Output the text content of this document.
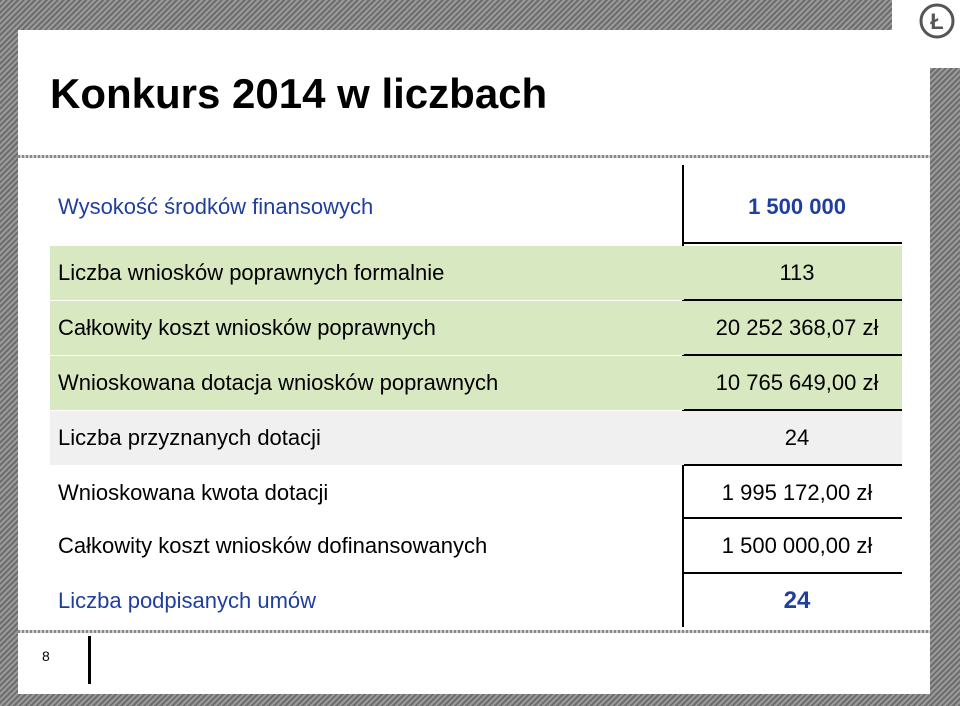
Ł
Konkurs 2014 w liczbach
Wysokość środków finansowych	1 500 000
Liczba wniosków poprawnych formalnie	113
Całkowity koszt wniosków poprawnych	20 252 368,07 zł
Wnioskowana dotacja wniosków poprawnych	10 765 649,00 zł
Liczba przyznanych dotacji	24
Wnioskowana kwota dotacji	1 995 172,00 zł
Całkowity koszt wniosków dofinansowanych	1 500 000,00 zł
Liczba podpisanych umów	24
8
